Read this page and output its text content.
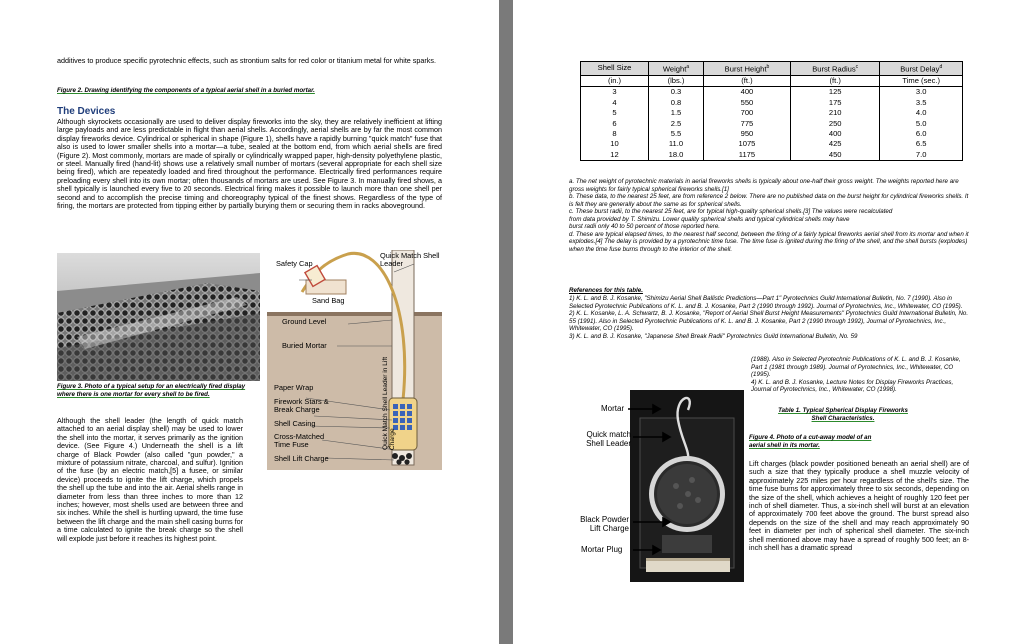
additives to produce specific pyrotechnic effects, such as strontium salts for red color or titanium metal for white sparks.
Figure 2. Drawing identifying the components of a typical aerial shell in a buried mortar.
The Devices
Although skyrockets occasionally are used to deliver display fireworks into the sky, they are relatively inefficient at lifting large payloads and are less predictable in flight than aerial shells. Accordingly, aerial shells are by far the most common display fireworks device. Cylindrical or spherical in shape (Figure 1), shells have a rapidly burning "quick match" fuse that also is used to lower smaller shells into a mortar—a tube, sealed at the bottom end, from which aerial shells are fired (Figure 2). Most commonly, mortars are made of spirally or cylindrically wrapped paper, high-density polyethylene plastic, or steel. Manually fired (hand-lit) shows use a relatively small number of mortars (several appropriate for each shell size being fired), which are repeatedly loaded and fired throughout the performance. Electrically fired performances require preloading every shell into its own mortar; often thousands of mortars are used. See Figure 3. In manually fired shows, a shell typically is launched every five to 20 seconds. Electrical firing makes it possible to launch more than one shell per second and to accomplish the precise timing and choreography typical of the finest shows. Regardless of the type of firing, the mortars are protected from tipping either by partially burying them or securing them in racks aboveground.
Figure 3. Photo of a typical setup for an electrically fired display where there is one mortar for every shell to be fired.
Although the shell leader (the length of quick match attached to an aerial display shell) may be used to lower the shell into the mortar, it serves primarily as the ignition device. (See Figure 4.) Underneath the shell is a lift charge of Black Powder (also called "gun powder," a mixture of potassium nitrate, charcoal, and sulfur). Ignition of the fuse (by an electric match,[5] a fusee, or similar device) proceeds to ignite the lift charge, which propels the shell up the tube and into the air. Aerial shells range in diameter from less than three inches to more than 12 inches; however, most shells used are between three and six inches. While the shell is hurtling upward, the time fuse between the lift charge and the main shell casing burns for a time calculated to ignite the break charge so the shell will explode just before it reaches its highest point.
Safety Cap
Quick Match Shell Leader
Sand Bag
Ground Level
Buried Mortar
Paper Wrap
Firework Stars & Break Charge
Shell Casing
Cross-Matched Time Fuse
Shell Lift Charge
Quick Match Shell Leader in Lift Charge
Shell Size	Weight$^a$	Burst Height$^b$	Burst Radius$^c$	Burst Delay$^d$
(in.)	(lbs.)	(ft.)	(ft.)	Time (sec.)
3	0.3	400	125	3.0
4	0.8	550	175	3.5
5	1.5	700	210	4.0
6	2.5	775	250	5.0
8	5.5	950	400	6.0
10	11.0	1075	425	6.5
12	18.0	1175	450	7.0
a. The net weight of pyrotechnic materials in aerial fireworks shells is typically about one-half their gross weight. The weights reported here are gross weights for fairly typical spherical fireworks shells.[1]
b. These data, to the nearest 25 feet, are from reference 2 below. There are no published data on the burst height for cylindrical fireworks shells. It is felt they are generally about the same as for spherical shells.
c. These burst radii, to the nearest 25 feet, are for typical high-quality spherical shells.[3] The values were recalculated
from data provided by T. Shimizu. Lower quality spherical shells and typical cylindrical shells may have
burst radii only 40 to 50 percent of those reported here.
d. These are typical elapsed times, to the nearest half second, between the firing of a fairly typical fireworks aerial shell from its mortar and when it explodes.[4] The delay is provided by a pyrotechnic time fuse. The time fuse is ignited during the firing of the shell, and the shell bursts (explodes) when the time fuse burns through to the interior of the shell.
References for this table.
1) K. L. and B. J. Kosanke, "Shimizu Aerial Shell Ballistic Predictions—Part 1" Pyrotechnics Guild International Bulletin, No. 7 (1990). Also in Selected Pyrotechnic Publications of K. L. and B. J. Kosanke, Part 2 (1990 through 1992). Journal of Pyrotechnics, Inc., Whitewater, CO (1995).
2) K. L. Kosanke, L. A. Schwartz, B. J. Kosanke, "Report of Aerial Shell Burst Height Measurements" Pyrotechnics Guild International Bulletin, No. 55 (1991). Also in Selected Pyrotechnic Publications of K. L. and B. J. Kosanke, Part 2 (1990 through 1992), Journal of Pyrotechnics, Inc., Whitewater, CO (1995).
3) K. L. and B. J. Kosanke, "Japanese Shell Break Radii" Pyrotechnics Guild International Bulletin, No. 59
(1988). Also in Selected Pyrotechnic Publications of K. L. and B. J. Kosanke, Part 1 (1981 through 1989). Journal of Pyrotechnics, Inc., Whitewater, CO (1995).
4) K. L. and B. J. Kosanke, Lecture Notes for Display Fireworks Practices, Journal of Pyrotechnics, Inc., Whitewater, CO (1998).
Table 1. Typical Spherical Display Fireworks Shell Characteristics.
Mortar
Quick match Shell Leader
Black Powder Lift Charge
Mortar Plug
Figure 4. Photo of a cut-away model of an aerial shell in its mortar.
Lift charges (black powder positioned beneath an aerial shell) are of such a size that they typically produce a shell muzzle velocity of approximately 225 miles per hour regardless of the shell's size. The time fuse burns for approximately three to six seconds, depending on the size of the shell, which achieves a height of roughly 120 feet per inch of shell diameter. Thus, a six-inch shell will burst at an elevation of approximately 700 feet above the ground. The burst spread also depends on the size of the shell and may reach approximately 90 feet in diameter per inch of spherical shell diameter. The six-inch shell mentioned above may have a spread of roughly 500 feet; an 8-inch shell has a dramatic spread
